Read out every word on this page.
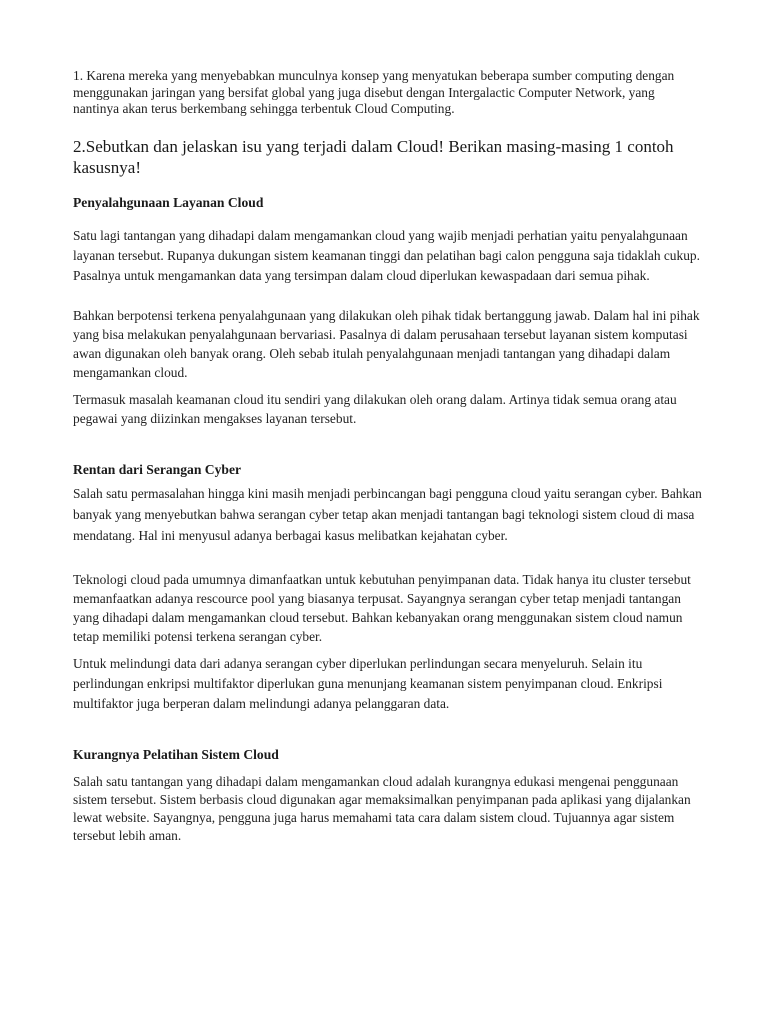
1. Karena mereka yang menyebabkan munculnya konsep yang menyatukan beberapa sumber computing dengan menggunakan jaringan yang bersifat global yang juga disebut dengan Intergalactic Computer Network, yang nantinya akan terus berkembang sehingga terbentuk Cloud Computing.

2.Sebutkan dan jelaskan isu yang terjadi dalam Cloud! Berikan masing-masing 1 contoh kasusnya!
Penyalahgunaan Layanan Cloud

Satu lagi tantangan yang dihadapi dalam mengamankan cloud yang wajib menjadi perhatian yaitu penyalahgunaan layanan tersebut. Rupanya dukungan sistem keamanan tinggi dan pelatihan bagi calon pengguna saja tidaklah cukup. Pasalnya untuk mengamankan data yang tersimpan dalam cloud diperlukan kewaspadaan dari semua pihak.

Bahkan berpotensi terkena penyalahgunaan yang dilakukan oleh pihak tidak bertanggung jawab. Dalam hal ini pihak yang bisa melakukan penyalahgunaan bervariasi. Pasalnya di dalam perusahaan tersebut layanan sistem komputasi awan digunakan oleh banyak orang. Oleh sebab itulah penyalahgunaan menjadi tantangan yang dihadapi dalam mengamankan cloud.

Termasuk masalah keamanan cloud itu sendiri yang dilakukan oleh orang dalam. Artinya tidak semua orang atau pegawai yang diizinkan mengakses layanan tersebut.

Rentan dari Serangan Cyber

Salah satu permasalahan hingga kini masih menjadi perbincangan bagi pengguna cloud yaitu serangan cyber. Bahkan banyak yang menyebutkan bahwa serangan cyber tetap akan menjadi tantangan bagi teknologi sistem cloud di masa mendatang. Hal ini menyusul adanya berbagai kasus melibatkan kejahatan cyber.

Teknologi cloud pada umumnya dimanfaatkan untuk kebutuhan penyimpanan data. Tidak hanya itu cluster tersebut memanfaatkan adanya rescource pool yang biasanya terpusat. Sayangnya serangan cyber tetap menjadi tantangan yang dihadapi dalam mengamankan cloud tersebut. Bahkan kebanyakan orang menggunakan sistem cloud namun tetap memiliki potensi terkena serangan cyber.

Untuk melindungi data dari adanya serangan cyber diperlukan perlindungan secara menyeluruh. Selain itu perlindungan enkripsi multifaktor diperlukan guna menunjang keamanan sistem penyimpanan cloud. Enkripsi multifaktor juga berperan dalam melindungi adanya pelanggaran data.

Kurangnya Pelatihan Sistem Cloud

Salah satu tantangan yang dihadapi dalam mengamankan cloud adalah kurangnya edukasi mengenai penggunaan sistem tersebut. Sistem berbasis cloud digunakan agar memaksimalkan penyimpanan pada aplikasi yang dijalankan lewat website. Sayangnya, pengguna juga harus memahami tata cara dalam sistem cloud. Tujuannya agar sistem tersebut lebih aman.
